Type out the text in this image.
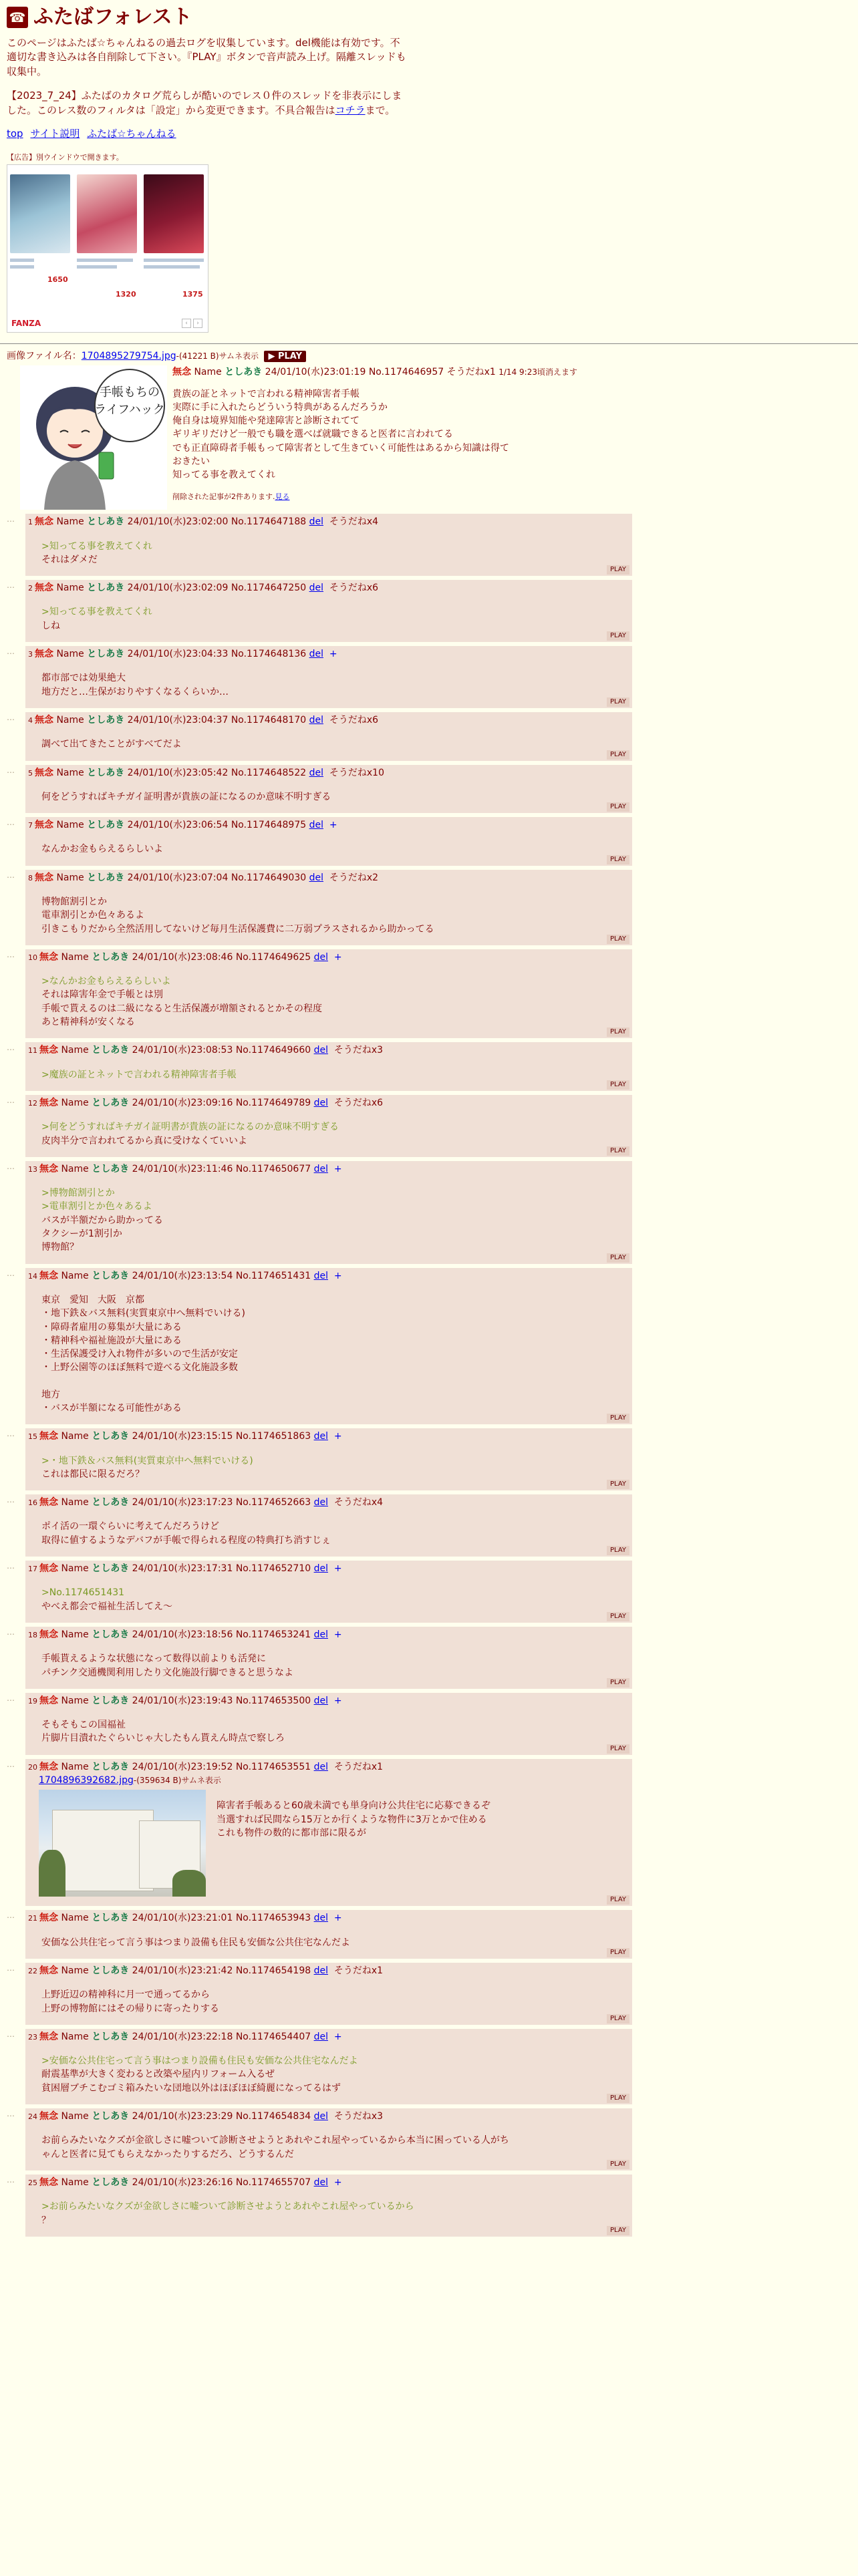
☎ ふたばフォレスト

このページはふたば☆ちゃんねるの過去ログを収集しています。del機能は有効です。不適切な書き込みは各自削除して下さい。『PLAY』ボタンで音声読み上げ。隔離スレッドも収集中。

【2023_7_24】ふたばのカタログ荒らしが酷いのでレス０件のスレッドを非表示にしました。このレス数のフィルタは「設定」から変更できます。不具合報告はコチラまで。

top サイト説明 ふたば☆ちゃんねる
【広告】別ウインドウで開きます。
1650
1320	1375
FANZA	‹	›
画像ファイル名：1704895279754.jpg-(41221 B)サムネ表示 ▶ PLAY
手帳もちの
ライフハック
無念 Name としあき 24/01/10(水)23:01:19 No.1174646957 そうだねx1 1/14 9:23頃消えます
貴族の証とネットで言われる精神障害者手帳
実際に手に入れたらどういう特典があるんだろうか
俺自身は境界知能や発達障害と診断されてて
ギリギリだけど一般でも職を選べば就職できると医者に言われてる
でも正直障碍者手帳もって障害者として生きていく可能性はあるから知識は得て
おきたい
知ってる事を教えてくれ
削除された記事が2件あります.見る
…	1 無念 Name としあき 24/01/10(水)23:02:00 No.1174647188 del そうだねx4
>知ってる事を教えてくれ
それはダメだ
PLAY
…	2 無念 Name としあき 24/01/10(水)23:02:09 No.1174647250 del そうだねx6
>知ってる事を教えてくれ
しね
PLAY
…	3 無念 Name としあき 24/01/10(水)23:04:33 No.1174648136 del +
都市部では効果絶大
地方だと…生保がおりやすくなるくらいか…
PLAY
…	4 無念 Name としあき 24/01/10(水)23:04:37 No.1174648170 del そうだねx6
調べて出てきたことがすべてだよ
PLAY
…	5 無念 Name としあき 24/01/10(水)23:05:42 No.1174648522 del そうだねx10
何をどうすればキチガイ証明書が貴族の証になるのか意味不明すぎる
PLAY
…	7 無念 Name としあき 24/01/10(水)23:06:54 No.1174648975 del +
なんかお金もらえるらしいよ
PLAY
…	8 無念 Name としあき 24/01/10(水)23:07:04 No.1174649030 del そうだねx2
博物館割引とか
電車割引とか色々あるよ
引きこもりだから全然活用してないけど毎月生活保護費に二万弱プラスされるから助かってる
PLAY
…	10 無念 Name としあき 24/01/10(水)23:08:46 No.1174649625 del +
>なんかお金もらえるらしいよ
それは障害年金で手帳とは別
手帳で貰えるのは二級になると生活保護が増額されるとかその程度
あと精神科が安くなる
PLAY
…	11 無念 Name としあき 24/01/10(水)23:08:53 No.1174649660 del そうだねx3
>魔族の証とネットで言われる精神障害者手帳
PLAY
…	12 無念 Name としあき 24/01/10(水)23:09:16 No.1174649789 del そうだねx6
>何をどうすればキチガイ証明書が貴族の証になるのか意味不明すぎる
皮肉半分で言われてるから真に受けなくていいよ
PLAY
…	13 無念 Name としあき 24/01/10(水)23:11:46 No.1174650677 del +
>博物館割引とか
>電車割引とか色々あるよ
バスが半額だから助かってる
タクシーが1割引か
博物館？
PLAY
…	14 無念 Name としあき 24/01/10(水)23:13:54 No.1174651431 del +
東京　愛知　大阪　京都
・地下鉄＆バス無料(実質東京中へ無料でいける)
・障碍者雇用の募集が大量にある
・精神科や福祉施設が大量にある
・生活保護受け入れ物件が多いので生活が安定
・上野公園等のほぼ無料で遊べる文化施設多数
地方
・バスが半額になる可能性がある
PLAY
…	15 無念 Name としあき 24/01/10(水)23:15:15 No.1174651863 del +
>・地下鉄＆バス無料(実質東京中へ無料でいける)
これは都民に限るだろ？
PLAY
…	16 無念 Name としあき 24/01/10(水)23:17:23 No.1174652663 del そうだねx4
ポイ活の一環ぐらいに考えてんだろうけど
取得に値するようなデバフが手帳で得られる程度の特典打ち消すじぇ
PLAY
…	17 無念 Name としあき 24/01/10(水)23:17:31 No.1174652710 del +
>No.1174651431
やべえ都会で福祉生活してえ〜
PLAY
…	18 無念 Name としあき 24/01/10(水)23:18:56 No.1174653241 del +
手帳貰えるような状態になって数得以前よりも活発に
パチンク交通機関利用したり文化施設行脚できると思うなよ
PLAY
…	19 無念 Name としあき 24/01/10(水)23:19:43 No.1174653500 del +
そもそもこの国福祉
片脚片目潰れたぐらいじゃ大したもん貰えん時点で察しろ
PLAY
…	20 無念 Name としあき 24/01/10(水)23:19:52 No.1174653551 del そうだねx1
1704896392682.jpg-(359634 B)サムネ表示
障害者手帳あると60歳未満でも単身向け公共住宅に応募できるぞ
当選すれば民間なら15万とか行くような物件に3万とかで住める
これも物件の数的に都市部に限るが
PLAY
…	21 無念 Name としあき 24/01/10(水)23:21:01 No.1174653943 del +
安価な公共住宅って言う事はつまり設備も住民も安価な公共住宅なんだよ
PLAY
…	22 無念 Name としあき 24/01/10(水)23:21:42 No.1174654198 del そうだねx1
上野近辺の精神科に月一で通ってるから
上野の博物館にはその帰りに寄ったりする
PLAY
…	23 無念 Name としあき 24/01/10(水)23:22:18 No.1174654407 del +
>安価な公共住宅って言う事はつまり設備も住民も安価な公共住宅なんだよ
耐震基準が大きく変わると改築や屋内リフォーム入るぜ
貧困層ブチこむゴミ箱みたいな団地以外はほぼほぼ綺麗になってるはず
PLAY
…	24 無念 Name としあき 24/01/10(水)23:23:29 No.1174654834 del そうだねx3
お前らみたいなクズが金欲しさに嘘ついて診断させようとあれやこれ屋やっているから本当に困っている人がち
ゃんと医者に見てもらえなかったりするだろ、どうするんだ
PLAY
…	25 無念 Name としあき 24/01/10(水)23:26:16 No.1174655707 del +
>お前らみたいなクズが金欲しさに嘘ついて診断させようとあれやこれ屋やっているから
？
PLAY
